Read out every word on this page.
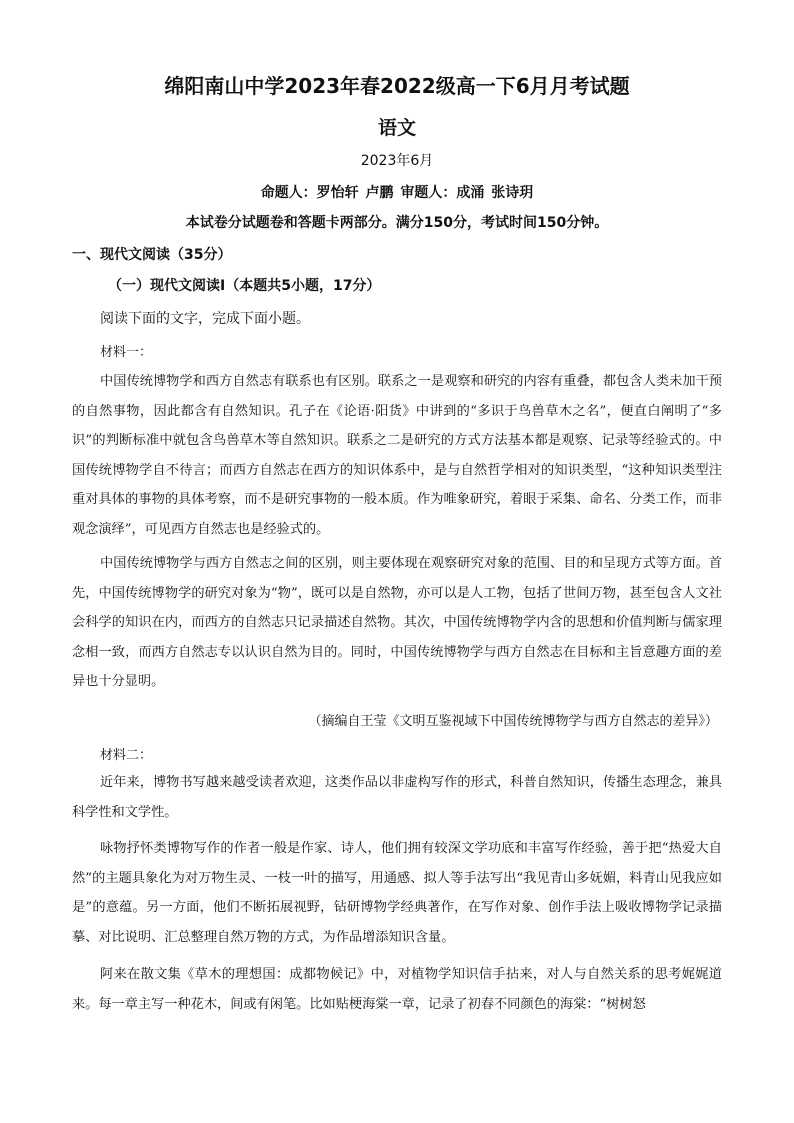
绵阳南山中学2023年春2022级高一下6月月考试题
语文
2023年6月
命题人：罗怡轩 卢鹏 审题人：成涌 张诗玥
本试卷分试题卷和答题卡两部分。满分150分，考试时间150分钟。
一、现代文阅读（35分）
（一）现代文阅读Ⅰ（本题共5小题，17分）
阅读下面的文字，完成下面小题。
材料一：

中国传统博物学和西方自然志有联系也有区别。联系之一是观察和研究的内容有重叠，都包含人类未加干预的自然事物，因此都含有自然知识。孔子在《论语·阳货》中讲到的“多识于鸟兽草木之名”，便直白阐明了“多识”的判断标准中就包含鸟兽草木等自然知识。联系之二是研究的方式方法基本都是观察、记录等经验式的。中国传统博物学自不待言；而西方自然志在西方的知识体系中，是与自然哲学相对的知识类型，“这种知识类型注重对具体的事物的具体考察，而不是研究事物的一般本质。作为唯象研究，着眼于采集、命名、分类工作，而非观念演绎”，可见西方自然志也是经验式的。

中国传统博物学与西方自然志之间的区别，则主要体现在观察研究对象的范围、目的和呈现方式等方面。首先，中国传统博物学的研究对象为“物”，既可以是自然物，亦可以是人工物，包括了世间万物，甚至包含人文社会科学的知识在内，而西方的自然志只记录描述自然物。其次，中国传统博物学内含的思想和价值判断与儒家理念相一致，而西方自然志专以认识自然为目的。同时，中国传统博物学与西方自然志在目标和主旨意趣方面的差异也十分显明。

（摘编自王莹《文明互鉴视域下中国传统博物学与西方自然志的差异》）
材料二：

近年来，博物书写越来越受读者欢迎，这类作品以非虚构写作的形式，科普自然知识，传播生态理念，兼具科学性和文学性。

咏物抒怀类博物写作的作者一般是作家、诗人，他们拥有较深文学功底和丰富写作经验，善于把“热爱大自然”的主题具象化为对万物生灵、一枝一叶的描写，用通感、拟人等手法写出“我见青山多妩媚，料青山见我应如是”的意蕴。另一方面，他们不断拓展视野，钻研博物学经典著作，在写作对象、创作手法上吸收博物学记录描摹、对比说明、汇总整理自然万物的方式，为作品增添知识含量。

阿来在散文集《草木的理想国：成都物候记》中，对植物学知识信手拈来，对人与自然关系的思考娓娓道来。每一章主写一种花木，间或有闲笔。比如贴梗海棠一章，记录了初春不同颜色的海棠：“树树怒
